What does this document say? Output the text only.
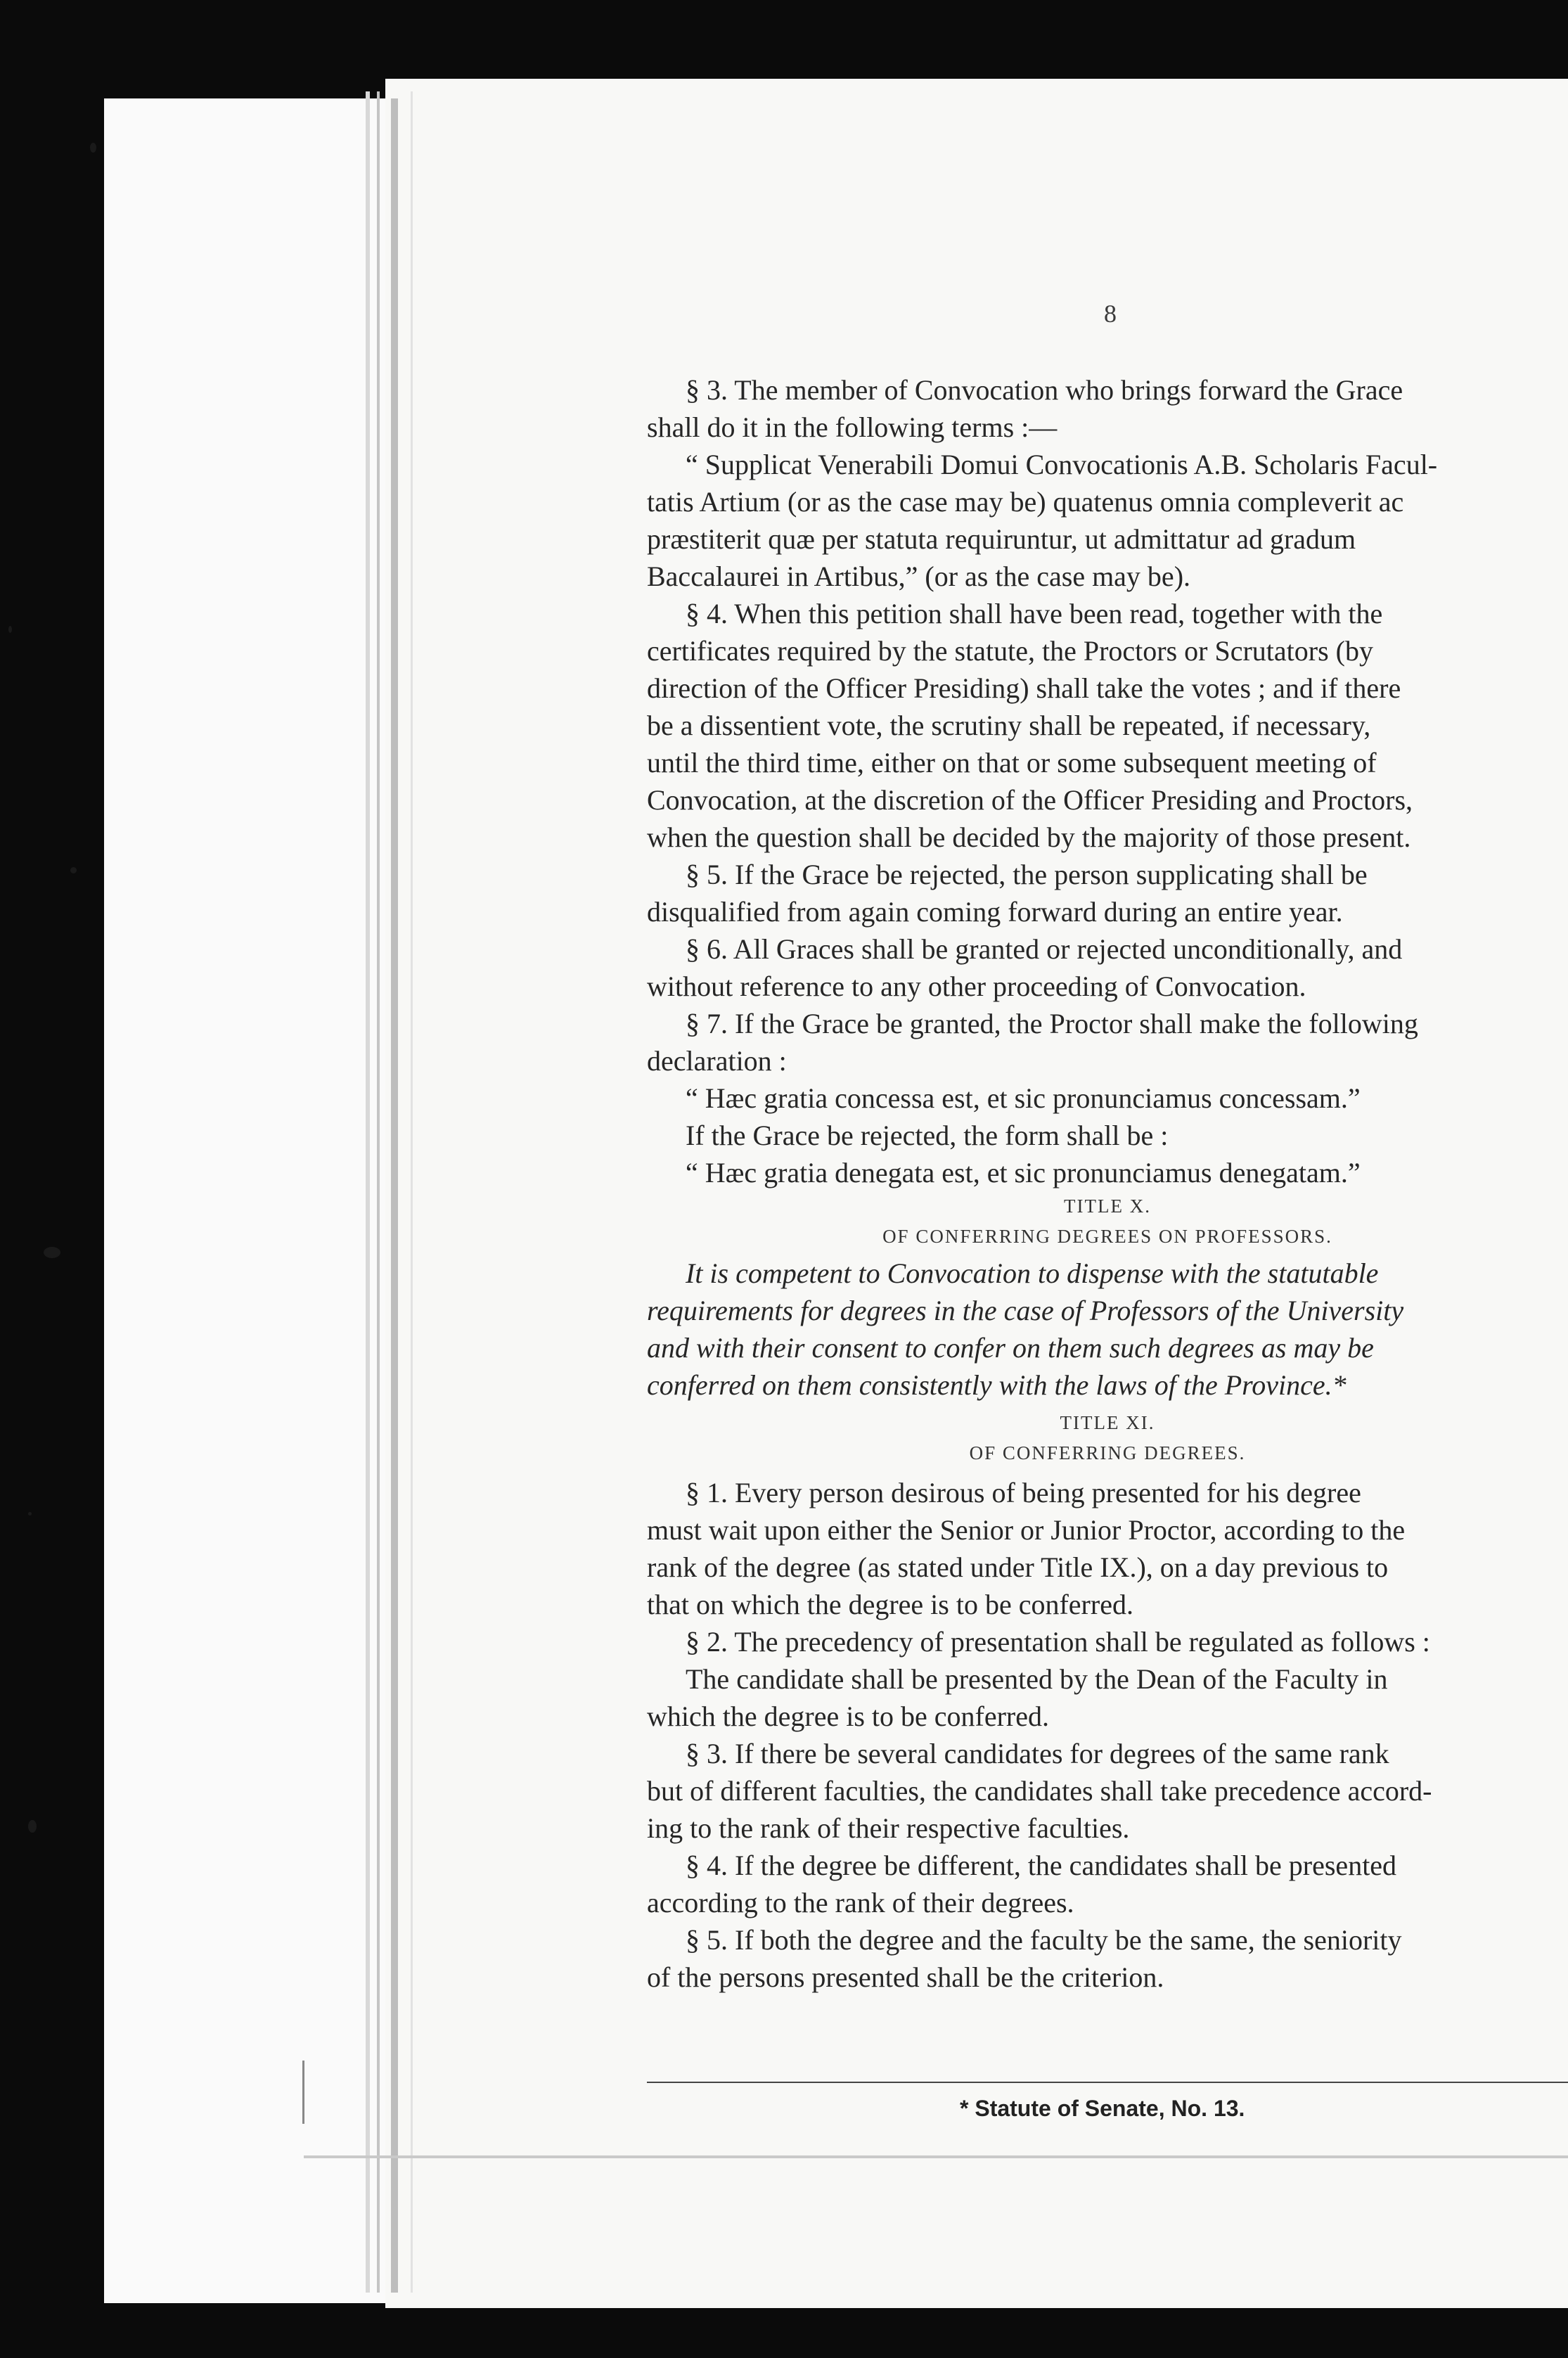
8

§ 3. The member of Convocation who brings forward the Grace

shall do it in the following terms :—

“ Supplicat Venerabili Domui Convocationis A.B. Scholaris Facul-

tatis Artium (or as the case may be) quatenus omnia compleverit ac

præstiterit quæ per statuta requiruntur, ut admittatur ad gradum

Baccalaurei in Artibus,” (or as the case may be).

§ 4. When this petition shall have been read, together with the

certificates required by the statute, the Proctors or Scrutators (by

direction of the Officer Presiding) shall take the votes ; and if there

be a dissentient vote, the scrutiny shall be repeated, if necessary,

until the third time, either on that or some subsequent meeting of

Convocation, at the discretion of the Officer Presiding and Proctors,

when the question shall be decided by the majority of those present.

§ 5. If the Grace be rejected, the person supplicating shall be

disqualified from again coming forward during an entire year.

§ 6. All Graces shall be granted or rejected unconditionally, and

without reference to any other proceeding of Convocation.

§ 7. If the Grace be granted, the Proctor shall make the following

declaration :

“ Hæc gratia concessa est, et sic pronunciamus concessam.”

If the Grace be rejected, the form shall be :

“ Hæc gratia denegata est, et sic pronunciamus denegatam.”

TITLE X.

OF CONFERRING DEGREES ON PROFESSORS.

It is competent to Convocation to dispense with the statutable

requirements for degrees in the case of Professors of the University

and with their consent to confer on them such degrees as may be

conferred on them consistently with the laws of the Province.*

TITLE XI.

OF CONFERRING DEGREES.

§ 1. Every person desirous of being presented for his degree

must wait upon either the Senior or Junior Proctor, according to the

rank of the degree (as stated under Title IX.), on a day previous to

that on which the degree is to be conferred.

§ 2. The precedency of presentation shall be regulated as follows :

The candidate shall be presented by the Dean of the Faculty in

which the degree is to be conferred.

§ 3. If there be several candidates for degrees of the same rank

but of different faculties, the candidates shall take precedence accord-

ing to the rank of their respective faculties.

§ 4. If the degree be different, the candidates shall be presented

according to the rank of their degrees.

§ 5. If both the degree and the faculty be the same, the seniority

of the persons presented shall be the criterion.

* Statute of Senate, No. 13.
